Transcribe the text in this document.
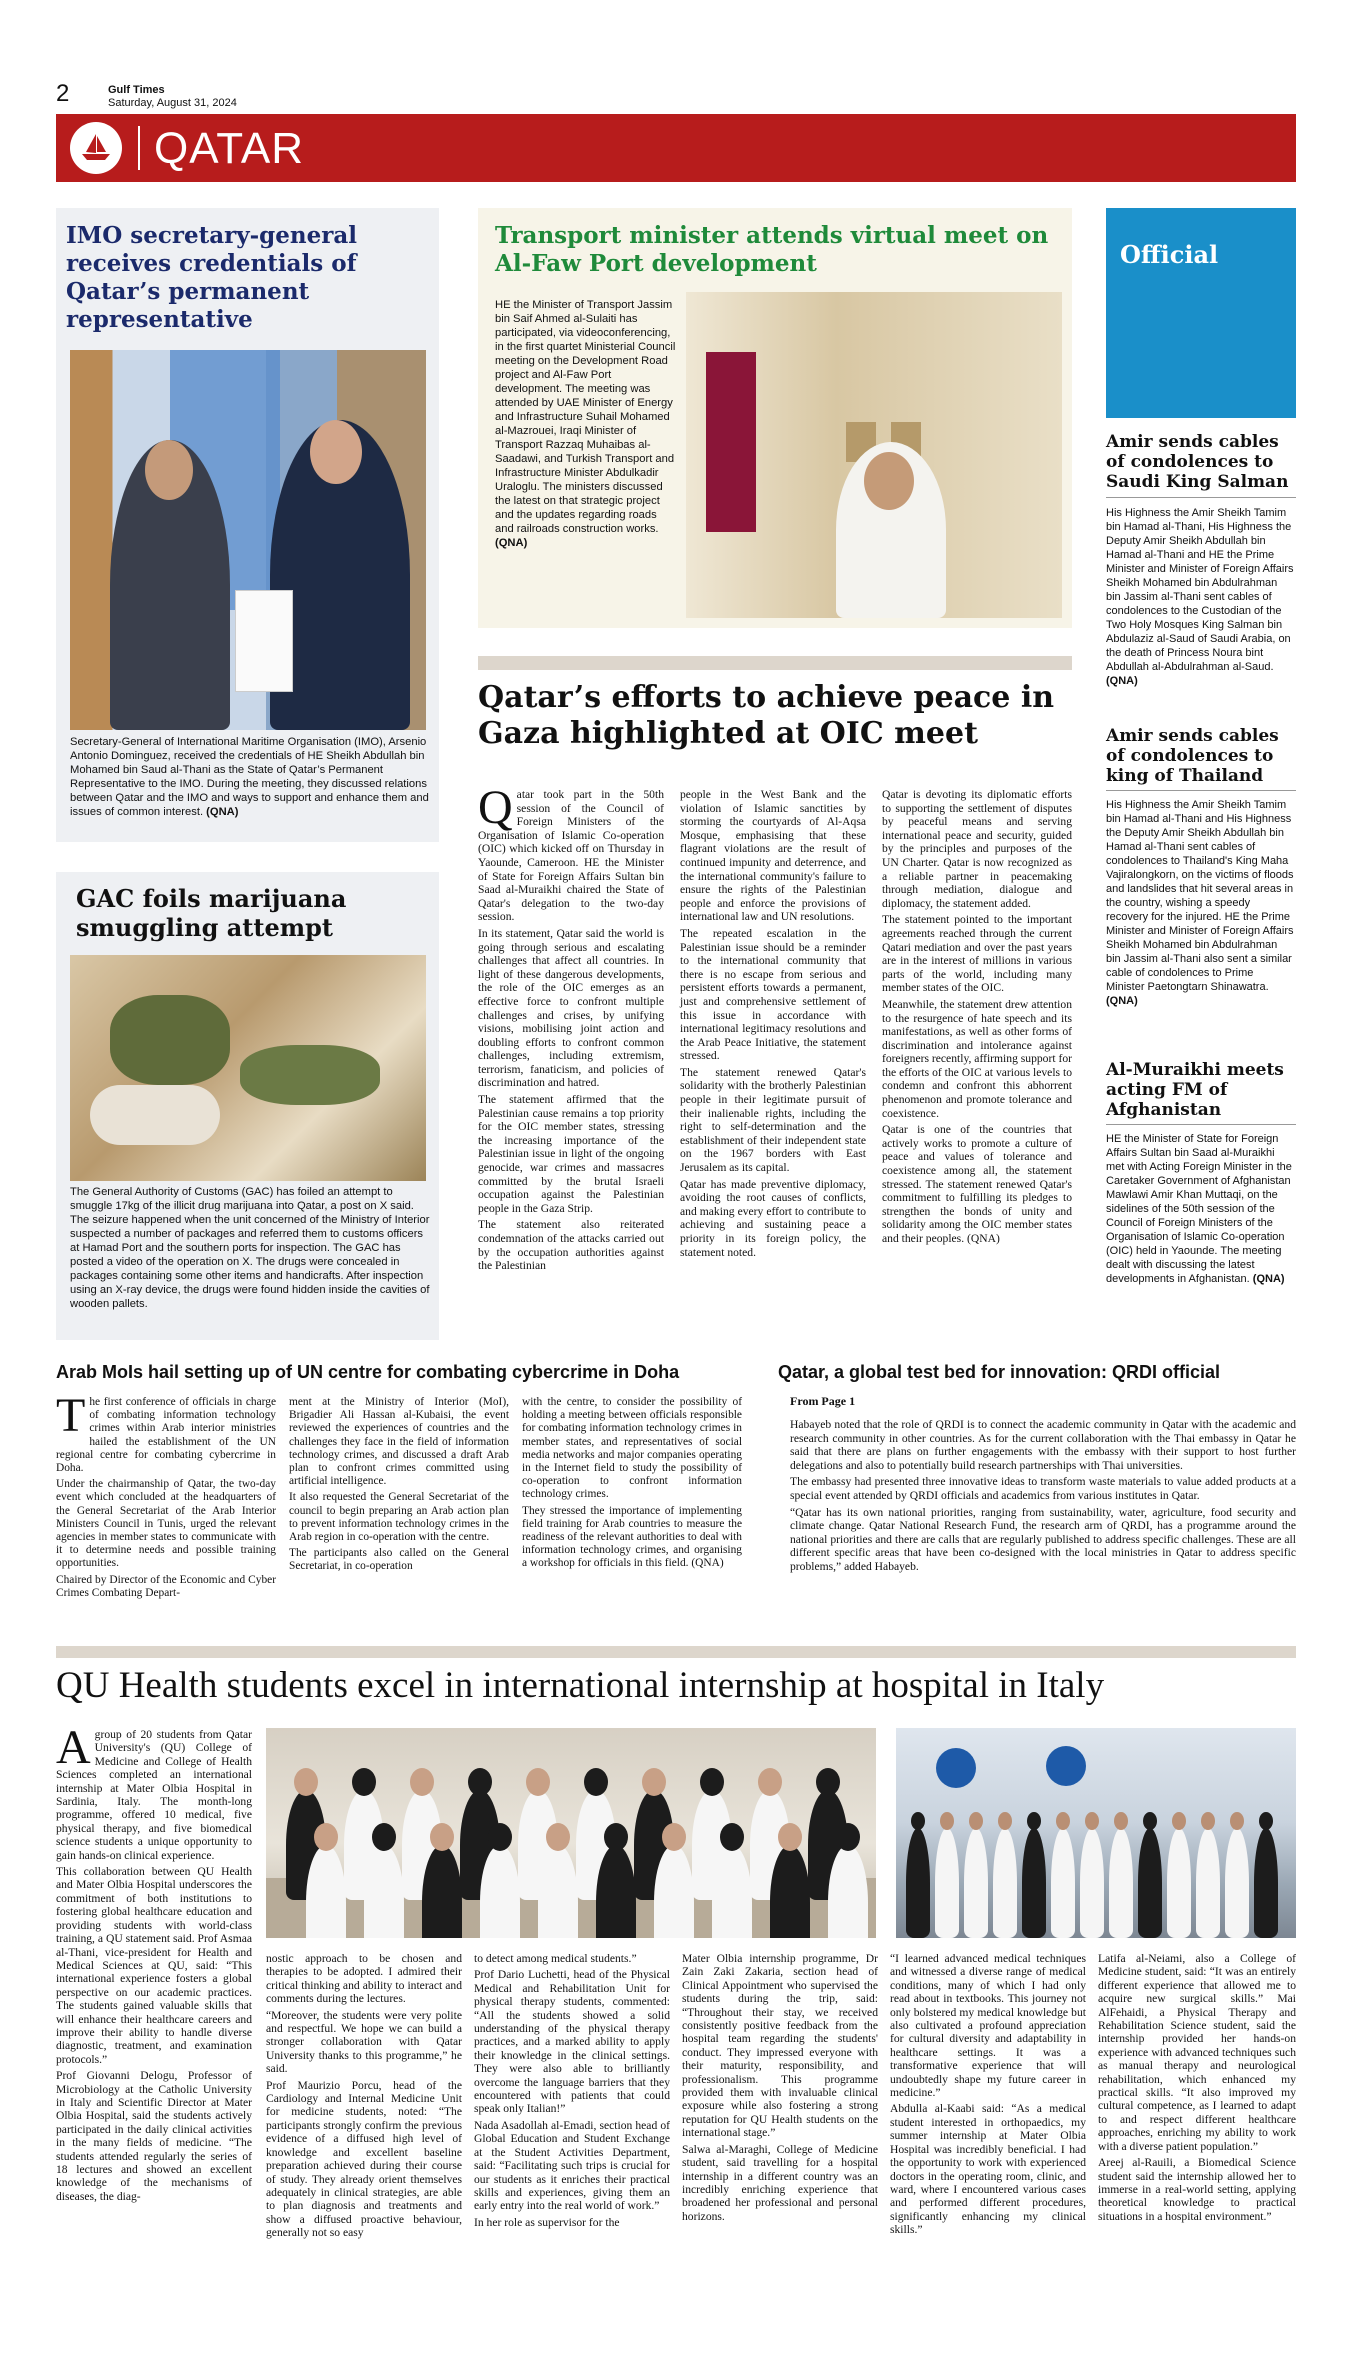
2	Gulf Times
Saturday, August 31, 2024
QATAR
IMO secretary-general receives credentials of Qatar’s permanent representative
Secretary-General of International Maritime Organisation (IMO), Arsenio Antonio Dominguez, received the credentials of HE Sheikh Abdullah bin Mohamed bin Saud al-Thani as the State of Qatar’s Permanent Representative to the IMO. During the meeting, they discussed relations between Qatar and the IMO and ways to support and enhance them and issues of common interest. (QNA)
GAC foils marijuana smuggling attempt
The General Authority of Customs (GAC) has foiled an attempt to smuggle 17kg of the illicit drug marijuana into Qatar, a post on X said. The seizure happened when the unit concerned of the Ministry of Interior suspected a number of packages and referred them to customs officers at Hamad Port and the southern ports for inspection. The GAC has posted a video of the operation on X. The drugs were concealed in packages containing some other items and handicrafts. After inspection using an X-ray device, the drugs were found hidden inside the cavities of wooden pallets.
Transport minister attends virtual meet on Al-Faw Port development
HE the Minister of Transport Jassim bin Saif Ahmed al-Sulaiti has participated, via videoconferencing, in the first quartet Ministerial Council meeting on the Development Road project and Al-Faw Port development. The meeting was attended by UAE Minister of Energy and Infrastructure Suhail Mohamed al-Mazrouei, Iraqi Minister of Transport Razzaq Muhaibas al-Saadawi, and Turkish Transport and Infrastructure Minister Abdulkadir Uraloglu. The ministers discussed the latest on that strategic project and the updates regarding roads and railroads construction works. (QNA)
Official
Amir sends cables of condolences to Saudi King Salman
His Highness the Amir Sheikh Tamim bin Hamad al-Thani, His Highness the Deputy Amir Sheikh Abdullah bin Hamad al-Thani and HE the Prime Minister and Minister of Foreign Affairs Sheikh Mohamed bin Abdulrahman bin Jassim al-Thani sent cables of condolences to the Custodian of the Two Holy Mosques King Salman bin Abdulaziz al-Saud of Saudi Arabia, on the death of Princess Noura bint Abdullah al-Abdulrahman al-Saud. (QNA)
Amir sends cables of condolences to king of Thailand
His Highness the Amir Sheikh Tamim bin Hamad al-Thani and His Highness the Deputy Amir Sheikh Abdullah bin Hamad al-Thani sent cables of condolences to Thailand's King Maha Vajiralongkorn, on the victims of floods and landslides that hit several areas in the country, wishing a speedy recovery for the injured. HE the Prime Minister and Minister of Foreign Affairs Sheikh Mohamed bin Abdulrahman bin Jassim al-Thani also sent a similar cable of condolences to Prime Minister Paetongtarn Shinawatra. (QNA)
Al-Muraikhi meets acting FM of Afghanistan
HE the Minister of State for Foreign Affairs Sultan bin Saad al-Muraikhi met with Acting Foreign Minister in the Caretaker Government of Afghanistan Mawlawi Amir Khan Muttaqi, on the sidelines of the 50th session of the Council of Foreign Ministers of the Organisation of Islamic Co-operation (OIC) held in Yaounde. The meeting dealt with discussing the latest developments in Afghanistan. (QNA)
Qatar’s efforts to achieve peace in Gaza highlighted at OIC meet

Qatar took part in the 50th session of the Council of Foreign Ministers of the Organisation of Islamic Co-operation (OIC) which kicked off on Thursday in Yaounde, Cameroon. HE the Minister of State for Foreign Affairs Sultan bin Saad al-Muraikhi chaired the State of Qatar's delegation to the two-day session.

In its statement, Qatar said the world is going through serious and escalating challenges that affect all countries. In light of these dangerous developments, the role of the OIC emerges as an effective force to confront multiple challenges and crises, by unifying visions, mobilising joint action and doubling efforts to confront common challenges, including extremism, terrorism, fanaticism, and policies of discrimination and hatred.

The statement affirmed that the Palestinian cause remains a top priority for the OIC member states, stressing the increasing importance of the Palestinian issue in light of the ongoing genocide, war crimes and massacres committed by the brutal Israeli occupation against the Palestinian people in the Gaza Strip.

The statement also reiterated condemnation of the attacks carried out by the occupation authorities against the Palestinian

people in the West Bank and the violation of Islamic sanctities by storming the courtyards of Al-Aqsa Mosque, emphasising that these flagrant violations are the result of continued impunity and deterrence, and the international community's failure to ensure the rights of the Palestinian people and enforce the provisions of international law and UN resolutions.

The repeated escalation in the Palestinian issue should be a reminder to the international community that there is no escape from serious and persistent efforts towards a permanent, just and comprehensive settlement of this issue in accordance with international legitimacy resolutions and the Arab Peace Initiative, the statement stressed.

The statement renewed Qatar's solidarity with the brotherly Palestinian people in their legitimate pursuit of their inalienable rights, including the right to self-determination and the establishment of their independent state on the 1967 borders with East Jerusalem as its capital.

Qatar has made preventive diplomacy, avoiding the root causes of conflicts, and making every effort to contribute to achieving and sustaining peace a priority in its foreign policy, the statement noted.

Qatar is devoting its diplomatic efforts to supporting the settlement of disputes by peaceful means and serving international peace and security, guided by the principles and purposes of the UN Charter. Qatar is now recognized as a reliable partner in peacemaking through mediation, dialogue and diplomacy, the statement added.

The statement pointed to the important agreements reached through the current Qatari mediation and over the past years are in the interest of millions in various parts of the world, including many member states of the OIC.

Meanwhile, the statement drew attention to the resurgence of hate speech and its manifestations, as well as other forms of discrimination and intolerance against foreigners recently, affirming support for the efforts of the OIC at various levels to condemn and confront this abhorrent phenomenon and promote tolerance and coexistence.

Qatar is one of the countries that actively works to promote a culture of peace and values of tolerance and coexistence among all, the statement stressed. The statement renewed Qatar's commitment to fulfilling its pledges to strengthen the bonds of unity and solidarity among the OIC member states and their peoples. (QNA)

Arab MoIs hail setting up of UN centre for combating cybercrime in Doha

The first conference of officials in charge of combating information technology crimes within Arab interior ministries hailed the establishment of the UN regional centre for combating cybercrime in Doha.

Under the chairmanship of Qatar, the two-day event which concluded at the headquarters of the General Secretariat of the Arab Interior Ministers Council in Tunis, urged the relevant agencies in member states to communicate with it to determine needs and possible training opportunities.

Chaired by Director of the Economic and Cyber Crimes Combating Depart-

ment at the Ministry of Interior (MoI), Brigadier Ali Hassan al-Kubaisi, the event reviewed the experiences of countries and the challenges they face in the field of information technology crimes, and discussed a draft Arab plan to confront crimes committed using artificial intelligence.

It also requested the General Secretariat of the council to begin preparing an Arab action plan to prevent information technology crimes in the Arab region in co-operation with the centre.

The participants also called on the General Secretariat, in co-operation

with the centre, to consider the possibility of holding a meeting between officials responsible for combating information technology crimes in member states, and representatives of social media networks and major companies operating in the Internet field to study the possibility of co-operation to confront information technology crimes.

They stressed the importance of implementing field training for Arab countries to measure the readiness of the relevant authorities to deal with information technology crimes, and organising a workshop for officials in this field. (QNA)

Qatar, a global test bed for innovation: QRDI official
From Page 1

Habayeb noted that the role of QRDI is to connect the academic community in Qatar with the academic and research community in other countries. As for the current collaboration with the Thai embassy in Qatar he said that there are plans on further engagements with the embassy with their support to host further delegations and also to potentially build research partnerships with Thai universities.

The embassy had presented three innovative ideas to transform waste materials to value added products at a special event attended by QRDI officials and academics from various institutes in Qatar.

“Qatar has its own national priorities, ranging from sustainability, water, agriculture, food security and climate change. Qatar National Research Fund, the research arm of QRDI, has a programme around the national priorities and there are calls that are regularly published to address specific challenges. These are all different specific areas that have been co-designed with the local ministries in Qatar to address specific problems,” added Habayeb.

QU Health students excel in international internship at hospital in Italy

Agroup of 20 students from Qatar University's (QU) College of Medicine and College of Health Sciences completed an international internship at Mater Olbia Hospital in Sardinia, Italy. The month-long programme, offered 10 medical, five physical therapy, and five biomedical science students a unique opportunity to gain hands-on clinical experience.

This collaboration between QU Health and Mater Olbia Hospital underscores the commitment of both institutions to fostering global healthcare education and providing students with world-class training, a QU statement said. Prof Asmaa al-Thani, vice-president for Health and Medical Sciences at QU, said: “This international experience fosters a global perspective on our academic practices. The students gained valuable skills that will enhance their healthcare careers and improve their ability to handle diverse diagnostic, treatment, and examination protocols.”

Prof Giovanni Delogu, Professor of Microbiology at the Catholic University in Italy and Scientific Director at Mater Olbia Hospital, said the students actively participated in the daily clinical activities in the many fields of medicine. “The students attended regularly the series of 18 lectures and showed an excellent knowledge of the mechanisms of diseases, the diag-

nostic approach to be chosen and therapies to be adopted. I admired their critical thinking and ability to interact and comments during the lectures.

“Moreover, the students were very polite and respectful. We hope we can build a stronger collaboration with Qatar University thanks to this programme,” he said.

Prof Maurizio Porcu, head of the Cardiology and Internal Medicine Unit for medicine students, noted: “The participants strongly confirm the previous evidence of a diffused high level of knowledge and excellent baseline preparation achieved during their course of study. They already orient themselves adequately in clinical strategies, are able to plan diagnosis and treatments and show a diffused proactive behaviour, generally not so easy

to detect among medical students.”

Prof Dario Luchetti, head of the Physical Medical and Rehabilitation Unit for physical therapy students, commented: “All the students showed a solid understanding of the physical therapy practices, and a marked ability to apply their knowledge in the clinical settings. They were also able to brilliantly overcome the language barriers that they encountered with patients that could speak only Italian!”

Nada Asadollah al-Emadi, section head of Global Education and Student Exchange at the Student Activities Department, said: “Facilitating such trips is crucial for our students as it enriches their practical skills and experiences, giving them an early entry into the real world of work.”

In her role as supervisor for the

Mater Olbia internship programme, Dr Zain Zaki Zakaria, section head of Clinical Appointment who supervised the students during the trip, said: “Throughout their stay, we received consistently positive feedback from the hospital team regarding the students' conduct. They impressed everyone with their maturity, responsibility, and professionalism. This programme provided them with invaluable clinical exposure while also fostering a strong reputation for QU Health students on the international stage.”

Salwa al-Maraghi, College of Medicine student, said travelling for a hospital internship in a different country was an incredibly enriching experience that broadened her professional and personal horizons.

“I learned advanced medical techniques and witnessed a diverse range of medical conditions, many of which I had only read about in textbooks. This journey not only bolstered my medical knowledge but also cultivated a profound appreciation for cultural diversity and adaptability in healthcare settings. It was a transformative experience that will undoubtedly shape my future career in medicine.”

Abdulla al-Kaabi said: “As a medical student interested in orthopaedics, my summer internship at Mater Olbia Hospital was incredibly beneficial. I had the opportunity to work with experienced doctors in the operating room, clinic, and ward, where I encountered various cases and performed different procedures, significantly enhancing my clinical skills.”

Latifa al-Neiami, also a College of Medicine student, said: “It was an entirely different experience that allowed me to acquire new surgical skills.” Mai AlFehaidi, a Physical Therapy and Rehabilitation Science student, said the internship provided her hands-on experience with advanced techniques such as manual therapy and neurological rehabilitation, which enhanced my practical skills. “It also improved my cultural competence, as I learned to adapt to and respect different healthcare approaches, enriching my ability to work with a diverse patient population.”

Areej al-Rauili, a Biomedical Science student said the internship allowed her to immerse in a real-world setting, applying theoretical knowledge to practical situations in a hospital environment.”
